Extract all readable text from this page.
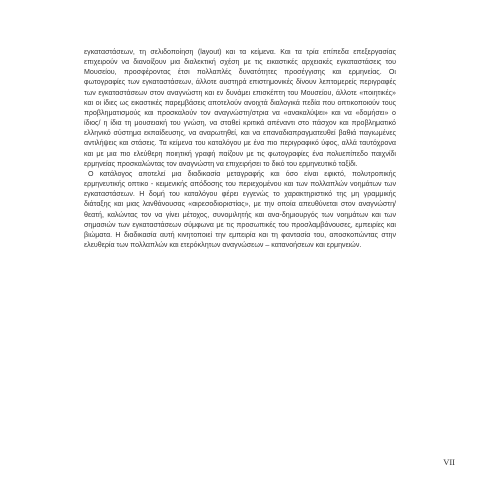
εγκαταστάσεων, τη σελιδοποίηση (layout) και τα κείμενα. Και τα τρία επίπεδα επεξεργασίας επιχειρούν να διανοίξουν μια διαλεκτική σχέση με τις εικαστικές αρχειακές εγκαταστάσεις του Μουσείου, προσφέροντας έτσι πολλαπλές δυνατότητες προσέγγισης και ερμηνείας. Οι φωτογραφίες των εγκαταστάσεων, άλλοτε αυστηρά επιστημονικές δίνουν λεπτομερείς περιγραφές των εγκαταστάσεων στον αναγνώστη και εν δυνάμει επισκέπτη του Μουσείου, άλλοτε «ποιητικές» και οι ίδιες ως εικαστικές παρεμβάσεις αποτελούν ανοιχτά διαλογικά πεδία που οπτικοποιούν τους προβληματισμούς και προσκαλούν τον αναγνώστη/στρια να «ανακαλύψει» και να «δομήσει» ο ίδιος/ η ίδια τη μουσειακή του γνώση, να σταθεί κριτικά απέναντι στο πάσχον και προβληματικό ελληνικό σύστημα εκπαίδευσης, να αναρωτηθεί, και να επαναδιαπραγματευθεί βαθιά παγιωμένες αντιλήψεις και στάσεις. Τα κείμενα του καταλόγου με ένα πιο περιγραφικό ύφος, αλλά ταυτόχρονα και με μια πιο ελεύθερη ποιητική γραφή παίζουν με τις φωτογραφίες ένα πολυεπίπεδο παιχνίδι ερμηνείας προσκαλώντας τον αναγνώστη να επιχειρήσει το δικό του ερμηνευτικό ταξίδι.

Ο κατάλογος αποτελεί μια διαδικασία μεταγραφής και όσο είναι εφικτό, πολυτροπικής ερμηνευτικής οπτικο - κειμενικής απόδοσης του περιεχομένου και των πολλαπλών νοημάτων των εγκαταστάσεων. Η δομή του καταλόγου φέρει εγγενώς το χαρακτηριστικό της μη γραμμικής διάταξης και μιας λανθάνουσας «αιρεσοδιοριστίας», με την οποία απευθύνεται στον αναγνώστη/θεατή, καλώντας τον να γίνει μέτοχος, συνομιλητής και ανα-δημιουργός των νοημάτων και των σημασιών των εγκαταστάσεων σύμφωνα με τις προσωπικές του προσλαμβάνουσες, εμπειρίες και βιώματα. Η διαδικασία αυτή κινητοποιεί την εμπειρία και τη φαντασία του, αποσκοπώντας στην ελευθερία των πολλαπλών και ετερόκλητων αναγνώσεων – κατανοήσεων και ερμηνειών.

VII
